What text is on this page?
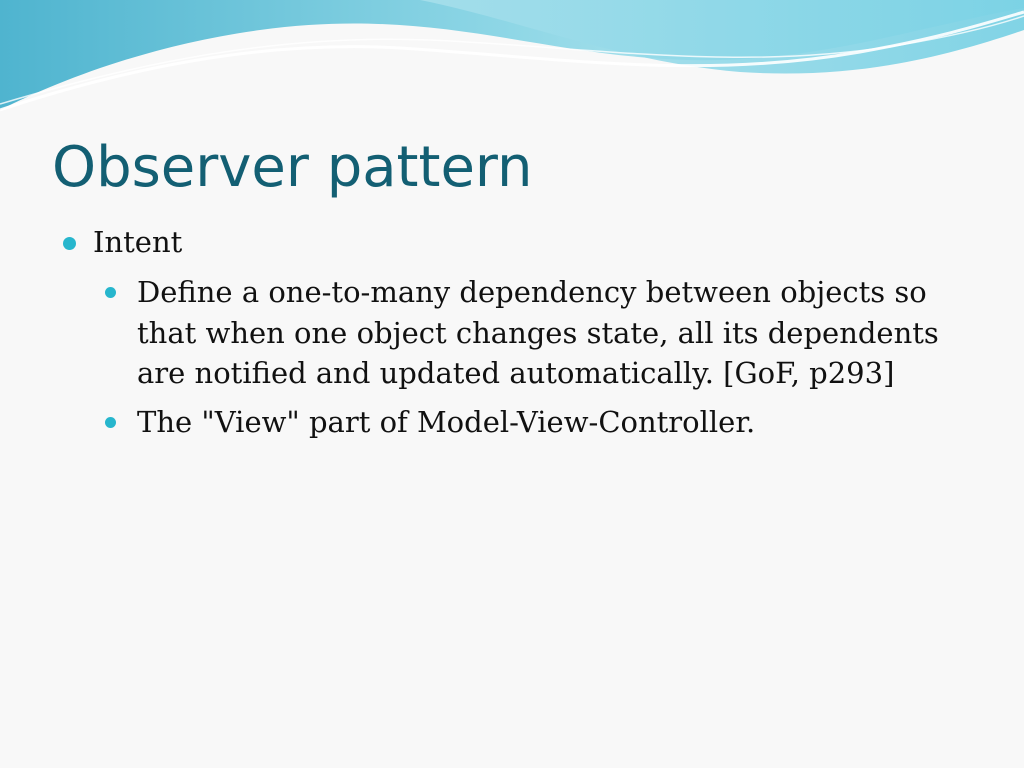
Observer pattern
Intent
Define a one-to-many dependency between objects so that when one object changes state, all its dependents are notified and updated automatically. [GoF, p293]
The "View" part of Model-View-Controller.
